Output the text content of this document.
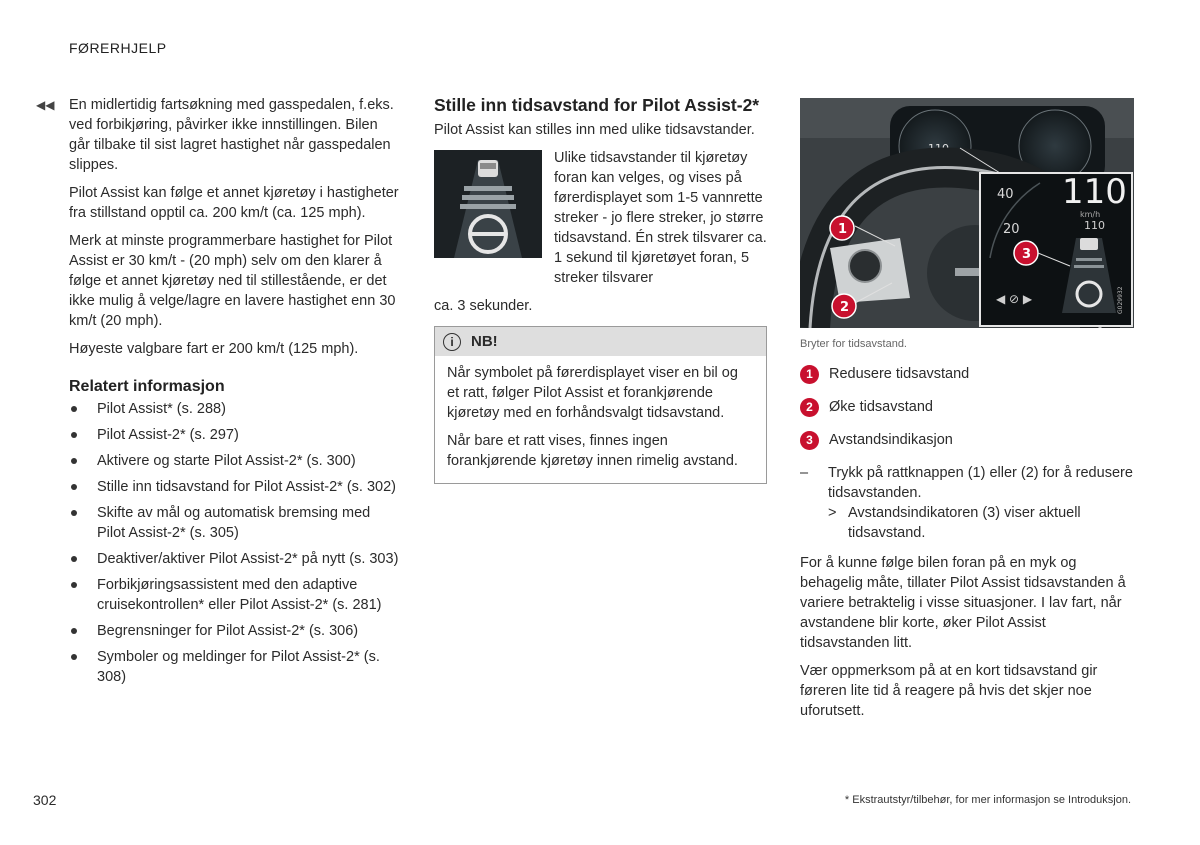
FØRERHJELP
◀◀ En midlertidig fartsøkning med gasspedalen, f.eks. ved forbikjøring, påvirker ikke innstillingen. Bilen går tilbake til sist lagret hastighet når gasspedalen slippes.

Pilot Assist kan følge et annet kjøretøy i hastigheter fra stillstand opptil ca. 200 km/t (ca. 125 mph).

Merk at minste programmerbare hastighet for Pilot Assist er 30 km/t - (20 mph) selv om den klarer å følge et annet kjøretøy ned til stillestående, er det ikke mulig å velge/lagre en lavere hastighet enn 30 km/t (20 mph).

Høyeste valgbare fart er 200 km/t (125 mph).

Relatert informasjon
Pilot Assist* (s. 288)
Pilot Assist-2* (s. 297)
Aktivere og starte Pilot Assist-2* (s. 300)
Stille inn tidsavstand for Pilot Assist-2* (s. 302)
Skifte av mål og automatisk bremsing med Pilot Assist-2* (s. 305)
Deaktiver/aktiver Pilot Assist-2* på nytt (s. 303)
Forbikjøringsassistent med den adaptive cruisekontrollen* eller Pilot Assist-2* (s. 281)
Begrensninger for Pilot Assist-2* (s. 306)
Symboler og meldinger for Pilot Assist-2* (s. 308)
Stille inn tidsavstand for Pilot Assist-2*

Pilot Assist kan stilles inn med ulike tidsavstander.

Ulike tidsavstander til kjøretøy foran kan velges, og vises på førerdisplayet som 1-5 vannrette streker - jo flere streker, jo større tidsavstand. Én strek tilsvarer ca. 1 sekund til kjøretøyet foran, 5 streker tilsvarer

ca. 3 sekunder.

i	NB!

Når symbolet på førerdisplayet viser en bil og et ratt, følger Pilot Assist et forankjørende kjøretøy med en forhåndsvalgt tidsavstand.

Når bare et ratt vises, finnes ingen forankjørende kjøretøy innen rimelig avstand.

110
40
20
110
km/h
110
◀ ⊘ ▶	G029932
1
2
3
Bryter for tidsavstand.
1	Redusere tidsavstand
2	Øke tidsavstand
3	Avstandsindikasjon
– Trykk på rattknappen (1) eller (2) for å redusere tidsavstanden.
> Avstandsindikatoren (3) viser aktuell tidsavstand.

For å kunne følge bilen foran på en myk og behagelig måte, tillater Pilot Assist tidsavstanden å variere betraktelig i visse situasjoner. I lav fart, når avstandene blir korte, øker Pilot Assist tidsavstanden litt.

Vær oppmerksom på at en kort tidsavstand gir føreren lite tid å reagere på hvis det skjer noe uforutsett.

302	* Ekstrautstyr/tilbehør, for mer informasjon se Introduksjon.
